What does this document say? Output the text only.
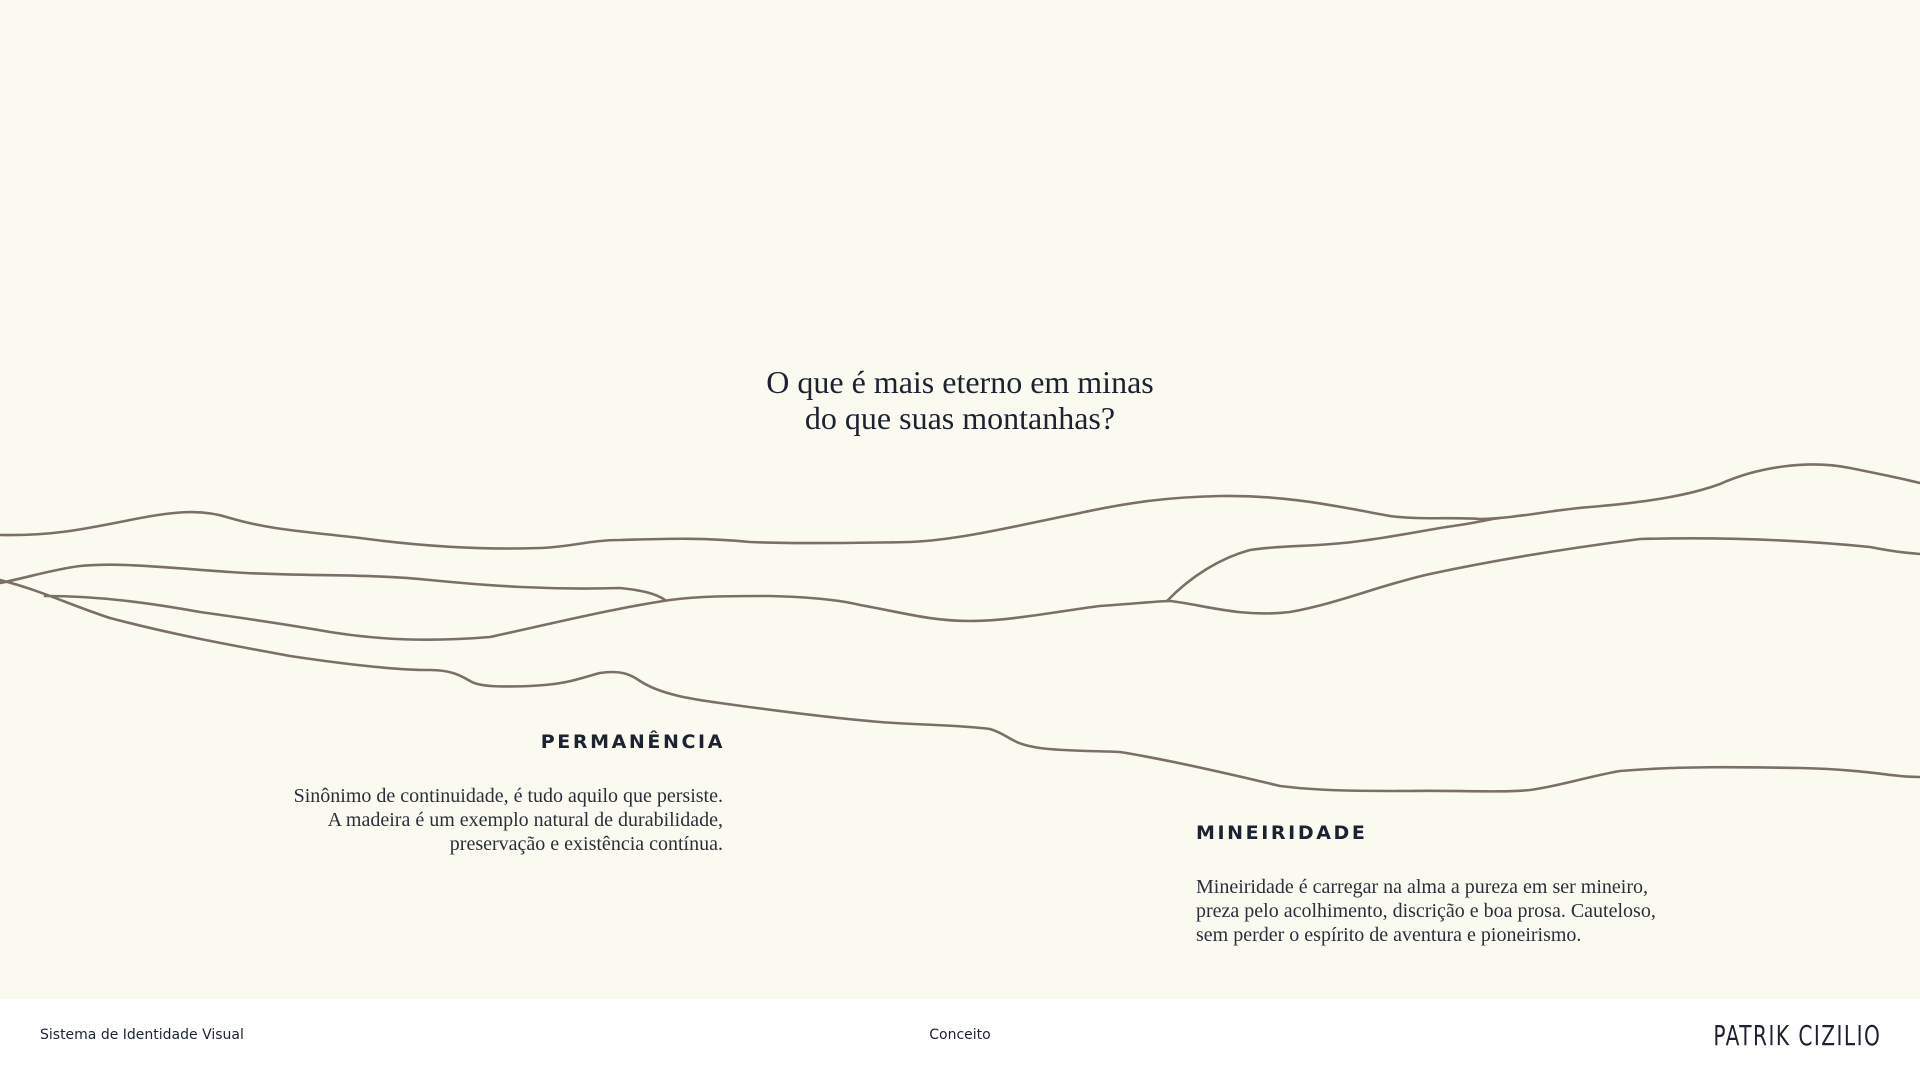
O que é mais eterno em minas
do que suas montanhas?
PERMANÊNCIA
Sinônimo de continuidade, é tudo aquilo que persiste.
A madeira é um exemplo natural de durabilidade,
preservação e existência contínua.	MINEIRIDADE
Mineiridade é carregar na alma a pureza em ser mineiro,
preza pelo acolhimento, discrição e boa prosa. Cauteloso,
sem perder o espírito de aventura e pioneirismo.
Sistema de Identidade Visual	Conceito	PATRIK CIZILIO
